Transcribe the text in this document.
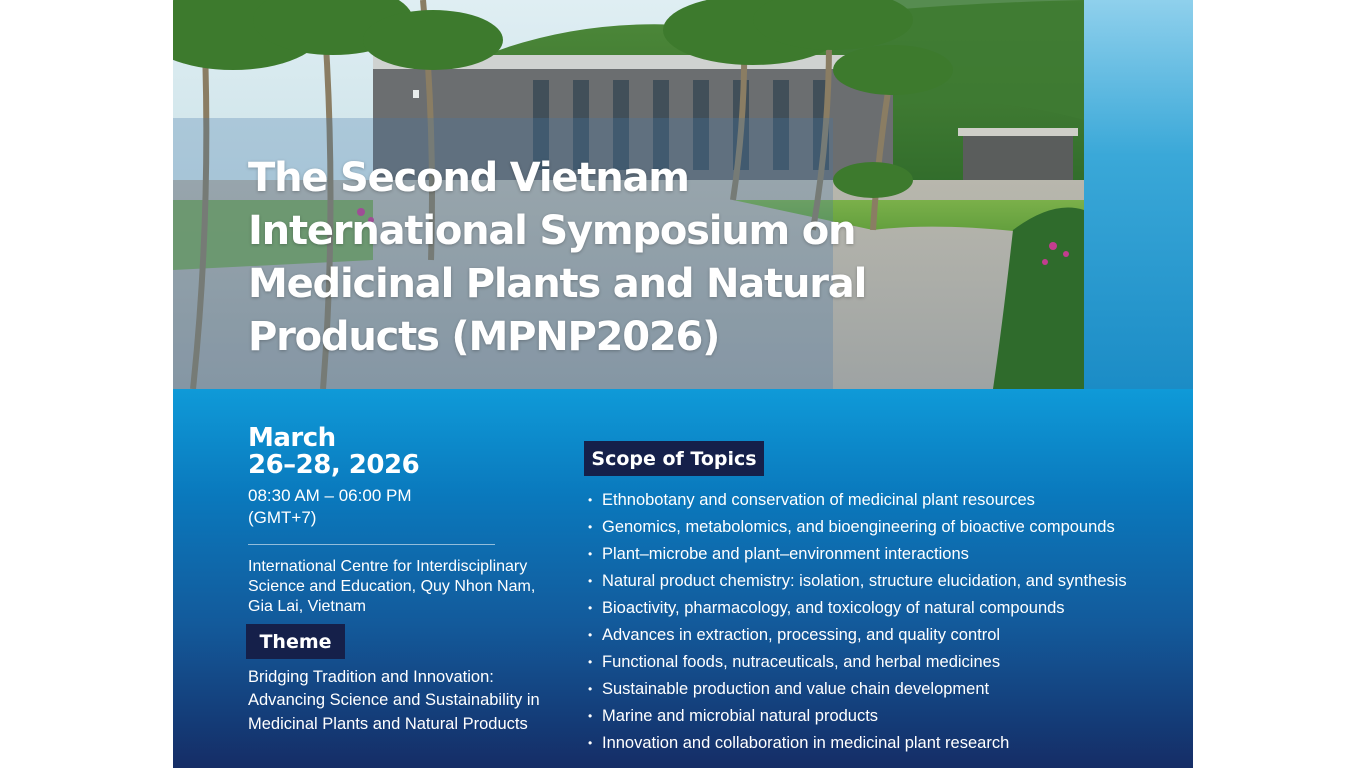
The Second Vietnam International Symposium on Medicinal Plants and Natural Products (MPNP2026)
March
26–28, 2026
08:30 AM – 06:00 PM
(GMT+7)
International Centre for Interdisciplinary
Science and Education, Quy Nhon Nam,
Gia Lai, Vietnam
Theme
Bridging Tradition and Innovation:
Advancing Science and Sustainability in
Medicinal Plants and Natural Products
Scope of Topics
• Ethnobotany and conservation of medicinal plant resources
• Genomics, metabolomics, and bioengineering of bioactive compounds
• Plant–microbe and plant–environment interactions
• Natural product chemistry: isolation, structure elucidation, and synthesis
• Bioactivity, pharmacology, and toxicology of natural compounds
• Advances in extraction, processing, and quality control
• Functional foods, nutraceuticals, and herbal medicines
• Sustainable production and value chain development
• Marine and microbial natural products
• Innovation and collaboration in medicinal plant research
